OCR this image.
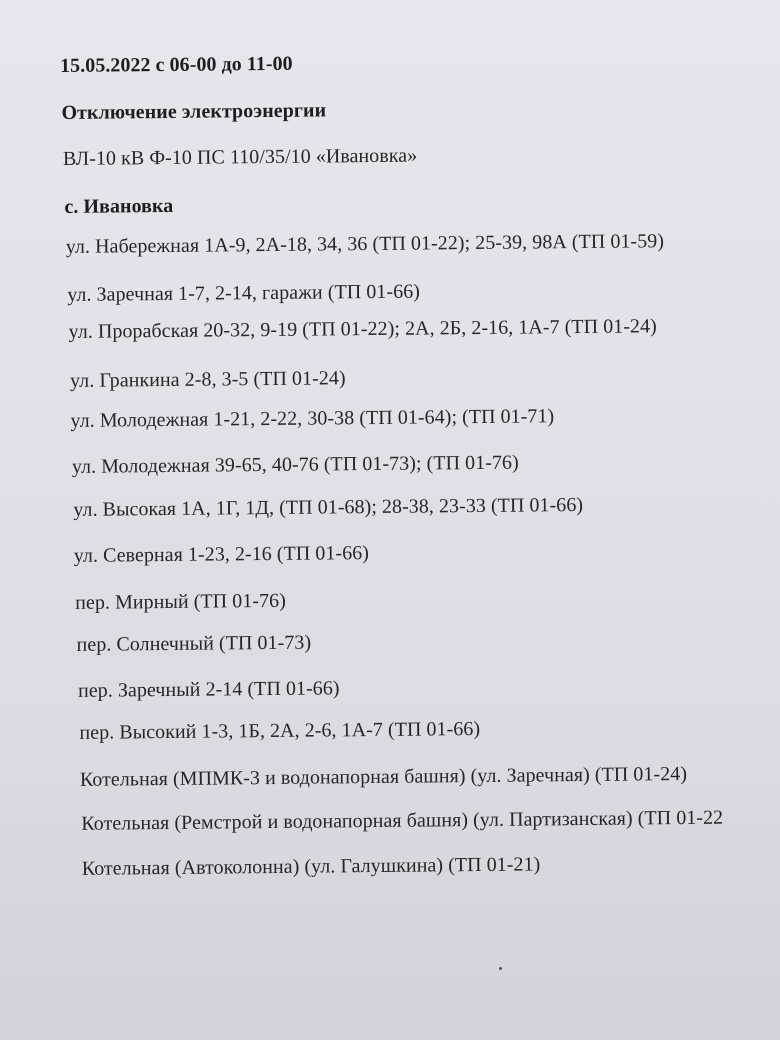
15.05.2022 с 06-00 до 11-00
Отключение электроэнергии
ВЛ-10 кВ Ф-10 ПС 110/35/10 «Ивановка»
с. Ивановка
ул. Набережная 1А-9, 2А-18, 34, 36 (ТП 01-22); 25-39, 98А (ТП 01-59)
ул. Заречная 1-7, 2-14, гаражи (ТП 01-66)
ул. Прорабская 20-32, 9-19 (ТП 01-22); 2А, 2Б, 2-16, 1А-7 (ТП 01-24)
ул. Гранкина 2-8, 3-5 (ТП 01-24)
ул. Молодежная 1-21, 2-22, 30-38 (ТП 01-64); (ТП 01-71)
ул. Молодежная 39-65, 40-76 (ТП 01-73); (ТП 01-76)
ул. Высокая 1А, 1Г, 1Д, (ТП 01-68); 28-38, 23-33 (ТП 01-66)
ул. Северная 1-23, 2-16 (ТП 01-66)
пер. Мирный (ТП 01-76)
пер. Солнечный (ТП 01-73)
пер. Заречный 2-14 (ТП 01-66)
пер. Высокий 1-3, 1Б, 2А, 2-6, 1А-7 (ТП 01-66)
Котельная (МПМК-3 и водонапорная башня) (ул. Заречная) (ТП 01-24)
Котельная (Ремстрой и водонапорная башня) (ул. Партизанская) (ТП 01-22
Котельная (Автоколонна) (ул. Галушкина) (ТП 01-21)
